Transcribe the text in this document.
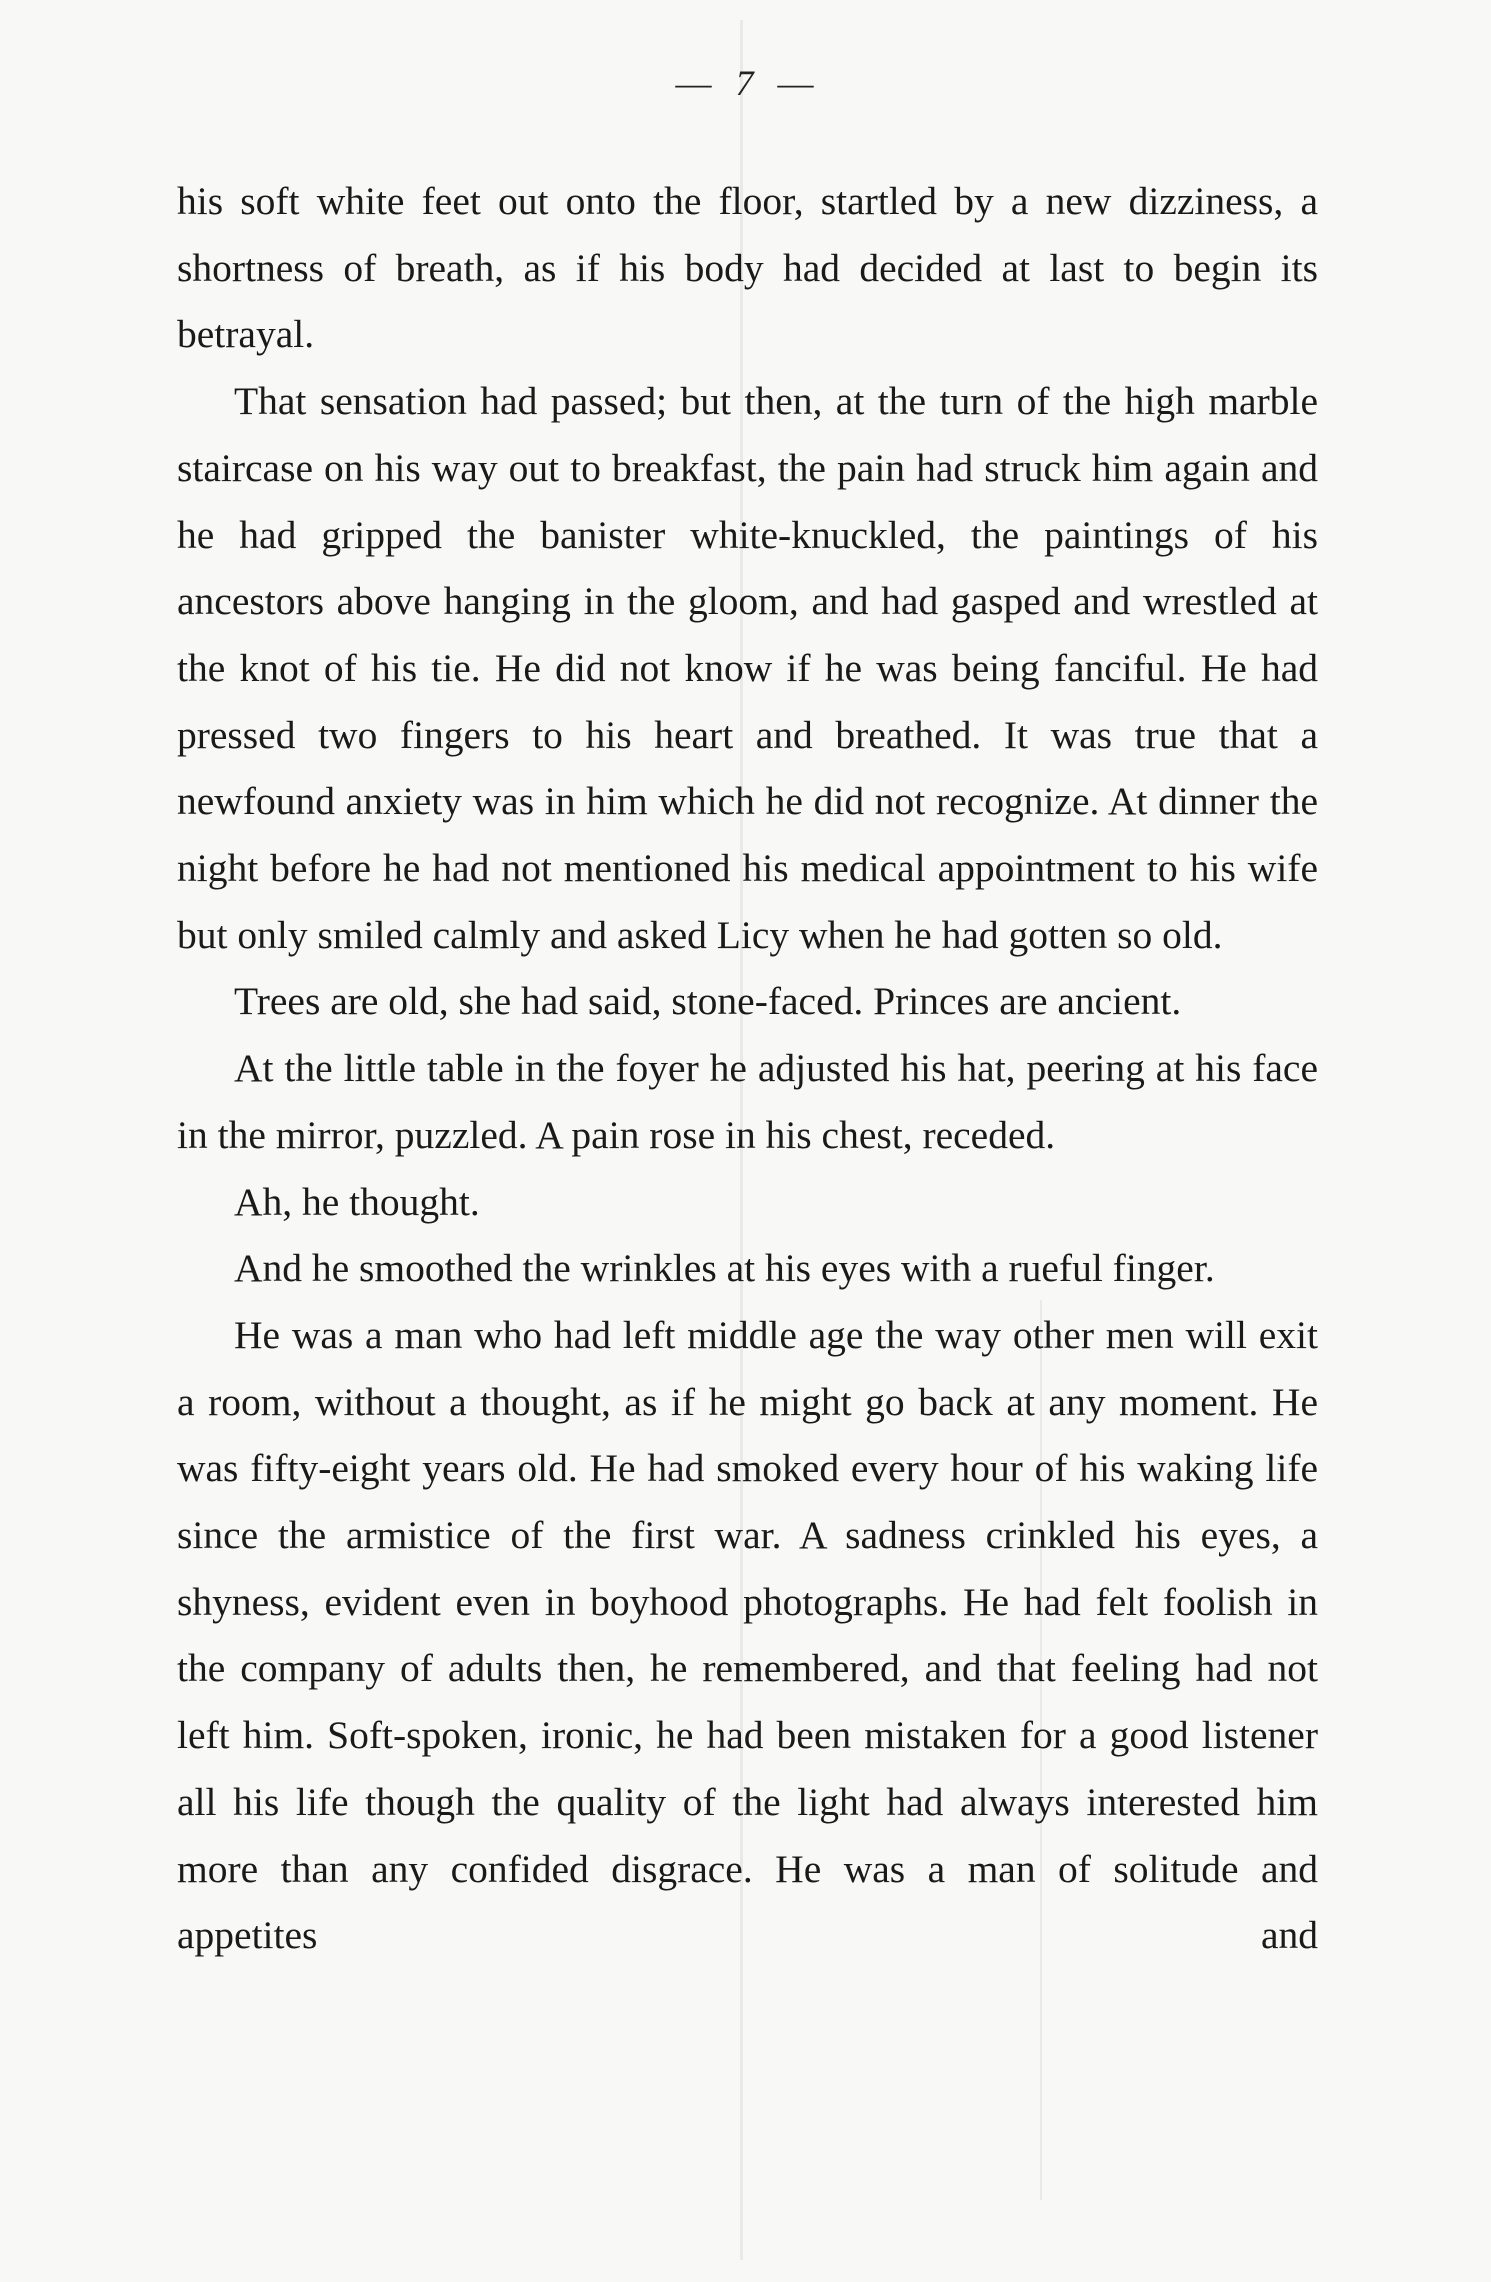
— 7 —

his soft white feet out onto the floor, startled by a new dizziness, a shortness of breath, as if his body had decided at last to begin its betrayal.

That sensation had passed; but then, at the turn of the high marble staircase on his way out to breakfast, the pain had struck him again and he had gripped the banister white-knuckled, the paintings of his ancestors above hanging in the gloom, and had gasped and wrestled at the knot of his tie. He did not know if he was being fanciful. He had pressed two fingers to his heart and breathed. It was true that a newfound anxiety was in him which he did not recognize. At dinner the night before he had not mentioned his medical appointment to his wife but only smiled calmly and asked Licy when he had gotten so old.

Trees are old, she had said, stone-faced. Princes are ancient.

At the little table in the foyer he adjusted his hat, peering at his face in the mirror, puzzled. A pain rose in his chest, receded.

Ah, he thought.

And he smoothed the wrinkles at his eyes with a rueful finger.

He was a man who had left middle age the way other men will exit a room, without a thought, as if he might go back at any moment. He was fifty-eight years old. He had smoked every hour of his waking life since the armistice of the first war. A sadness crinkled his eyes, a shyness, evident even in boyhood photographs. He had felt foolish in the company of adults then, he remembered, and that feeling had not left him. Soft-spoken, ironic, he had been mistaken for a good listener all his life though the quality of the light had always interested him more than any confided disgrace. He was a man of solitude and appetites and
